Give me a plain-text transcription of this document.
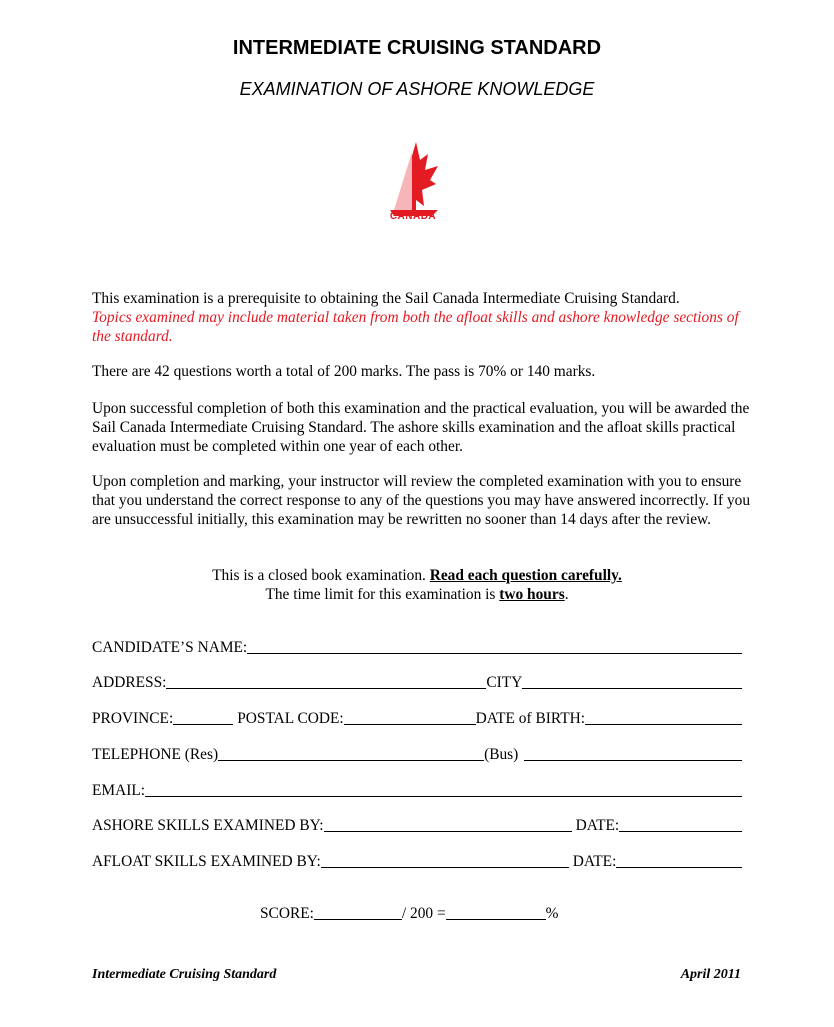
INTERMEDIATE CRUISING STANDARD
EXAMINATION OF ASHORE KNOWLEDGE
CANADA
This examination is a prerequisite to obtaining the Sail Canada Intermediate Cruising Standard.
Topics examined may include material taken from both the afloat skills and ashore knowledge sections of the standard.
There are 42 questions worth a total of 200 marks. The pass is 70% or 140 marks.
Upon successful completion of both this examination and the practical evaluation, you will be awarded the Sail Canada Intermediate Cruising Standard. The ashore skills examination and the afloat skills practical evaluation must be completed within one year of each other.
Upon completion and marking, your instructor will review the completed examination with you to ensure that you understand the correct response to any of the questions you may have answered incorrectly. If you are unsuccessful initially, this examination may be rewritten no sooner than 14 days after the review.
This is a closed book examination. Read each question carefully.
The time limit for this examination is two hours.
CANDIDATE’S NAME:
ADDRESS:	CITY
PROVINCE:	POSTAL CODE:	DATE of BIRTH:
TELEPHONE (Res)	(Bus)
EMAIL:
ASHORE SKILLS EXAMINED BY:	DATE:
AFLOAT SKILLS EXAMINED BY:	DATE:
SCORE:	/ 200 =	%
Intermediate Cruising Standard	April 2011
